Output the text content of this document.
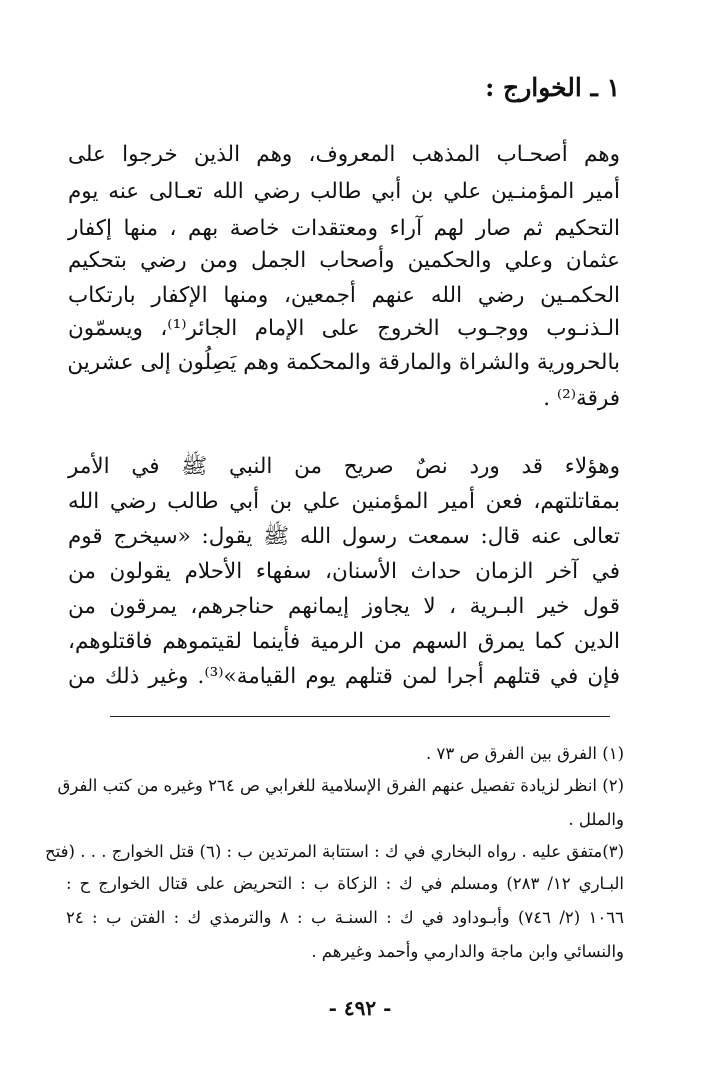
١ ـ الخوارج :
وهم أصحـاب المذهب المعروف، وهم الذين خرجوا على
أمير المؤمنـين علي بن أبي طالب رضي الله تعـالى عنه يوم
التحكيم ثم صار لهم آراء ومعتقدات خاصة بهم ، منها إكفار
عثمان وعلي والحكمين وأصحاب الجمل ومن رضي بتحكيم
الحكمـين رضي الله عنهم أجمعين، ومنها الإكفار بارتكاب
الـذنـوب ووجـوب الخروج على الإمام الجائر⁽¹⁾، ويسمّون
بالحرورية والشراة والمارقة والمحكمة وهم يَصِلُون إلى عشرين
فرقة⁽²⁾ .
وهؤلاء قد ورد نصٌ صريح من النبي ﷺ في الأمر
بمقاتلتهم، فعن أمير المؤمنين علي بن أبي طالب رضي الله
تعالى عنه قال: سمعت رسول الله ﷺ يقول: «سيخرج قوم
في آخر الزمان حداث الأسنان، سفهاء الأحلام يقولون من
قول خير البـرية ، لا يجاوز إيمانهم حناجرهم، يمرقون من
الدين كما يمرق السهم من الرمية فأينما لقيتموهم فاقتلوهم،
فإن في قتلهم أجرا لمن قتلهم يوم القيامة»⁽³⁾. وغير ذلك من
(١) الفرق بين الفرق ص ٧٣ .
(٢) انظر لزيادة تفصيل عنهم الفرق الإسلامية للغرابي ص ٢٦٤ وغيره من كتب الفرق
والملل .
(٣)متفق عليه . رواه البخاري في ك : استتابة المرتدين ب : (٦) قتل الخوارج . . . (فتح
البـاري ١٢/ ٢٨٣) ومسلم في ك : الزكاة ب : التحريض على قتال الخوارج ح :
١٠٦٦ (٢/ ٧٤٦) وأبـوداود في ك : السنـة ب : ٨ والترمذي ك : الفتن ب : ٢٤
والنسائي وابن ماجة والدارمي وأحمد وغيرهم .
- ٤٩٢ -
